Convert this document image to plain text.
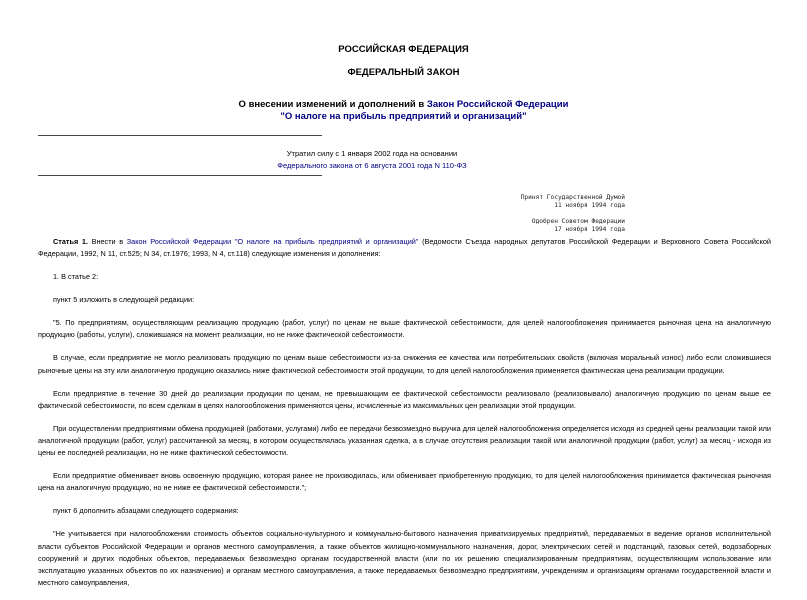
РОССИЙСКАЯ ФЕДЕРАЦИЯ
ФЕДЕРАЛЬНЫЙ ЗАКОН
О внесении изменений и дополнений в Закон Российской Федерации
"О налоге на прибыль предприятий и организаций"
Утратил силу с 1 января 2002 года на основании
Федерального закона от 6 августа 2001 года N 110-ФЗ
Принят Государственной Думой
11 ноября 1994 года

Одобрен Советом Федерации
17 ноября 1994 года

Статья 1. Внести в Закон Российской Федерации "О налоге на прибыль предприятий и организаций" (Ведомости Съезда народных депутатов Российской Федерации и Верховного Совета Российской Федерации, 1992, N 11, ст.525; N 34, ст.1976; 1993, N 4, ст.118) следующие изменения и дополнения:

1. В статье 2:

пункт 5 изложить в следующей редакции:

"5. По предприятиям, осуществляющим реализацию продукцию (работ, услуг) по ценам не выше фактической себестоимости, для целей налогообложения принимается рыночная цена на аналогичную продукцию (работы, услуги), сложившаяся на момент реализации, но не ниже фактической себестоимости.

В случае, если предприятие не могло реализовать продукцию по ценам выше себестоимости из-за снижения ее качества или потребительских свойств (включая моральный износ) либо если сложившиеся рыночные цены на эту или аналогичную продукцию оказались ниже фактической себестоимости этой продукции, то для целей налогообложения применяется фактическая цена реализации продукции.

Если предприятие в течение 30 дней до реализации продукции по ценам, не превышающим ее фактической себестоимости реализовало (реализовывало) аналогичную продукцию по ценам выше ее фактической себестоимости, по всем сделкам в целях налогообложения применяются цены, исчисленные из максимальных цен реализации этой продукции.

При осуществлении предприятиями обмена продукцией (работами, услугами) либо ее передачи безвозмездно выручка для целей налогообложения определяется исходя из средней цены реализации такой или аналогичной продукции (работ, услуг) рассчитанной за месяц, в котором осуществлялась указанная сделка, а в случае отсутствия реализации такой или аналогичной продукции (работ, услуг) за месяц - исходя из цены ее последней реализации, но не ниже фактической себестоимости.

Если предприятие обменивает вновь освоенную продукцию, которая ранее не производилась, или обменивает приобретенную продукцию, то для целей налогообложения принимается фактическая рыночная цена на аналогичную продукцию, но не ниже ее фактической себестоимости.";

пункт 6 дополнить абзацами следующего содержания:

"Не учитывается при налогообложении стоимость объектов социально-культурного и коммунально-бытового назначения приватизируемых предприятий, передаваемых в ведение органов исполнительной власти субъектов Российской Федерации и органов местного самоуправления, а также объектов жилищно-коммунального назначения, дорог, электрических сетей и подстанций, газовых сетей, водозаборных сооружений и других подобных объектов, передаваемых безвозмездно органам государственной власти (или по их решению специализированным предприятиям, осуществляющим использование или эксплуатацию указанных объектов по их назначению) и органам местного самоуправления, а также передаваемых безвозмездно предприятиям, учреждениям и организациям органами государственной власти и местного самоуправления,
